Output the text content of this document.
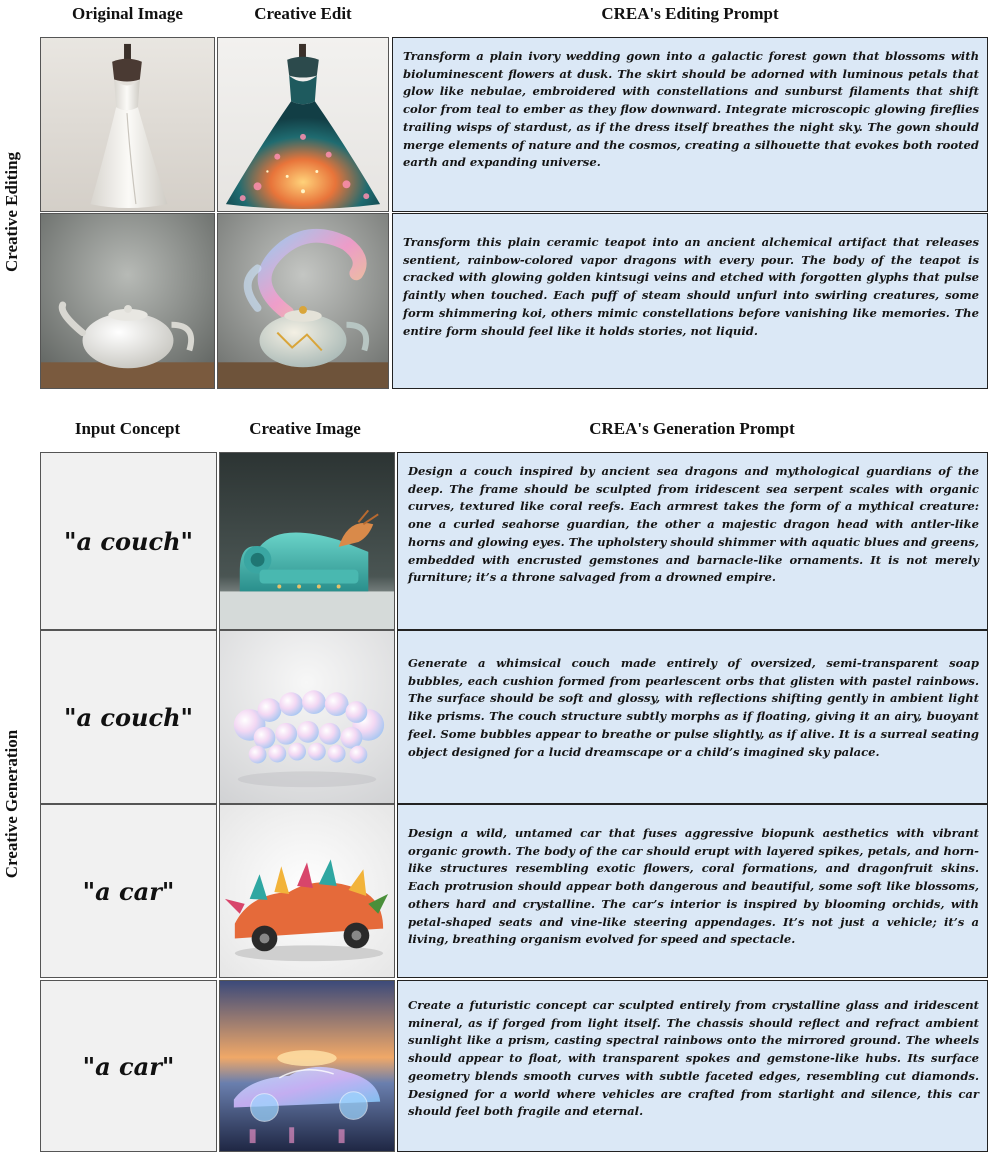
Original Image	Creative Edit	CREA's Editing Prompt
Creative Editing
Transform a plain ivory wedding gown into a galactic forest gown that blossoms with bioluminescent flowers at dusk. The skirt should be adorned with luminous petals that glow like nebulae, embroidered with constellations and sunburst filaments that shift color from teal to ember as they flow downward. Integrate microscopic glowing fireflies trailing wisps of stardust, as if the dress itself breathes the night sky. The gown should merge elements of nature and the cosmos, creating a silhouette that evokes both rooted earth and expanding universe.
Transform this plain ceramic teapot into an ancient alchemical artifact that releases sentient, rainbow-colored vapor dragons with every pour. The body of the teapot is cracked with glowing golden kintsugi veins and etched with forgotten glyphs that pulse faintly when touched. Each puff of steam should unfurl into swirling creatures, some form shimmering koi, others mimic constellations before vanishing like memories. The entire form should feel like it holds stories, not liquid.
Input Concept	Creative Image	CREA's Generation Prompt
Creative Generation
"a couch"
Design a couch inspired by ancient sea dragons and mythological guardians of the deep. The frame should be sculpted from iridescent sea serpent scales with organic curves, textured like coral reefs. Each armrest takes the form of a mythical creature: one a curled seahorse guardian, the other a majestic dragon head with antler-like horns and glowing eyes. The upholstery should shimmer with aquatic blues and greens, embedded with encrusted gemstones and barnacle-like ornaments. It is not merely furniture; it’s a throne salvaged from a drowned empire.
"a couch"
Generate a whimsical couch made entirely of oversized, semi-transparent soap bubbles, each cushion formed from pearlescent orbs that glisten with pastel rainbows. The surface should be soft and glossy, with reflections shifting gently in ambient light like prisms. The couch structure subtly morphs as if floating, giving it an airy, buoyant feel. Some bubbles appear to breathe or pulse slightly, as if alive. It is a surreal seating object designed for a lucid dreamscape or a child’s imagined sky palace.
"a car"
Design a wild, untamed car that fuses aggressive biopunk aesthetics with vibrant organic growth. The body of the car should erupt with layered spikes, petals, and horn-like structures resembling exotic flowers, coral formations, and dragonfruit skins. Each protrusion should appear both dangerous and beautiful, some soft like blossoms, others hard and crystalline. The car’s interior is inspired by blooming orchids, with petal-shaped seats and vine-like steering appendages. It’s not just a vehicle; it’s a living, breathing organism evolved for speed and spectacle.
"a car"
Create a futuristic concept car sculpted entirely from crystalline glass and iridescent mineral, as if forged from light itself. The chassis should reflect and refract ambient sunlight like a prism, casting spectral rainbows onto the mirrored ground. The wheels should appear to float, with transparent spokes and gemstone-like hubs. Its surface geometry blends smooth curves with subtle faceted edges, resembling cut diamonds. Designed for a world where vehicles are crafted from starlight and silence, this car should feel both fragile and eternal.
